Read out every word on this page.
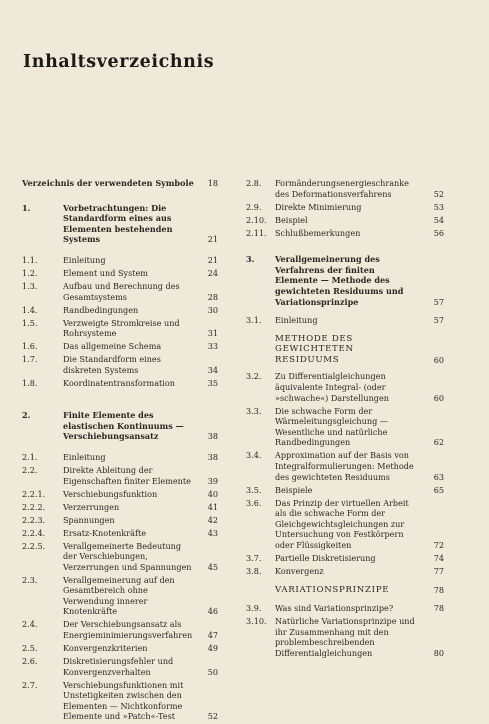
Inhaltsverzeichnis
Verzeichnis der verwendeten Symbole 18
1.	Vorbetrachtungen: Die Standardform eines aus Elementen bestehenden Systems	21
1.1.	Einleitung	21
1.2.	Element und System	24
1.3.	Aufbau und Berechnung des Gesamtsystems	28
1.4.	Randbedingungen	30
1.5.	Verzweigte Stromkreise und Rohrsysteme	31
1.6.	Das allgemeine Schema	33
1.7.	Die Standardform eines diskreten Systems	34
1.8.	Koordinatentransformation	35
2.	Finite Elemente des elastischen Kontinuums — Verschiebungsansatz	38
2.1.	Einleitung	38
2.2.	Direkte Ableitung der Eigenschaften finiter Elemente	39
2.2.1. Verschiebungsfunktion	40
2.2.2. Verzerrungen	41
2.2.3. Spannungen	42
2.2.4. Ersatz-Knotenkräfte	43
2.2.5. Verallgemeinerte Bedeutung der Verschiebungen, Verzerrungen und Spannungen	45
2.3.	Verallgemeinerung auf den Gesamtbereich ohne Verwendung innerer Knotenkräfte	46
2.4.	Der Verschiebungsansatz als Energieminimierungsverfahren	47
2.5.	Konvergenzkriterien	49
2.6.	Diskretisierungsfehler und Konvergenzverhalten	50
2.7.	Verschiebungsfunktionen mit Unstetigkeiten zwischen den Elementen — Nichtkonforme Elemente und »Patch«-Test	52
2.8. Formänderungsenergieschranke des Deformationsverfahrens	52
2.9. Direkte Minimierung	53
2.10. Beispiel	54
2.11. Schlußbemerkungen	56
3.	Verallgemeinerung des Verfahrens der finiten Elemente — Methode des gewichteten Residuums und Variationsprinzipe	57
3.1. Einleitung	57
METHODE DES GEWICHTETEN RESIDUUMS	60
3.2. Zu Differentialgleichungen äquivalente Integral- (oder »schwache«) Darstellungen	60
3.3. Die schwache Form der Wärmeleitungsgleichung — Wesentliche und natürliche Randbedingungen	62
3.4. Approximation auf der Basis von Integralformulierungen: Methode des gewichteten Residuums	63
3.5. Beispiele	65
3.6. Das Prinzip der virtuellen Arbeit als die schwache Form der Gleichgewichtsgleichungen zur Untersuchung von Festkörpern oder Flüssigkeiten	72
3.7. Partielle Diskretisierung	74
3.8. Konvergenz	77
VARIATIONSPRINZIPE	78
3.9. Was sind Variationsprinzipe?	78
3.10. Natürliche Variationsprinzipe und ihr Zusammenhang mit den problembeschreibenden Differentialgleichungen	80
